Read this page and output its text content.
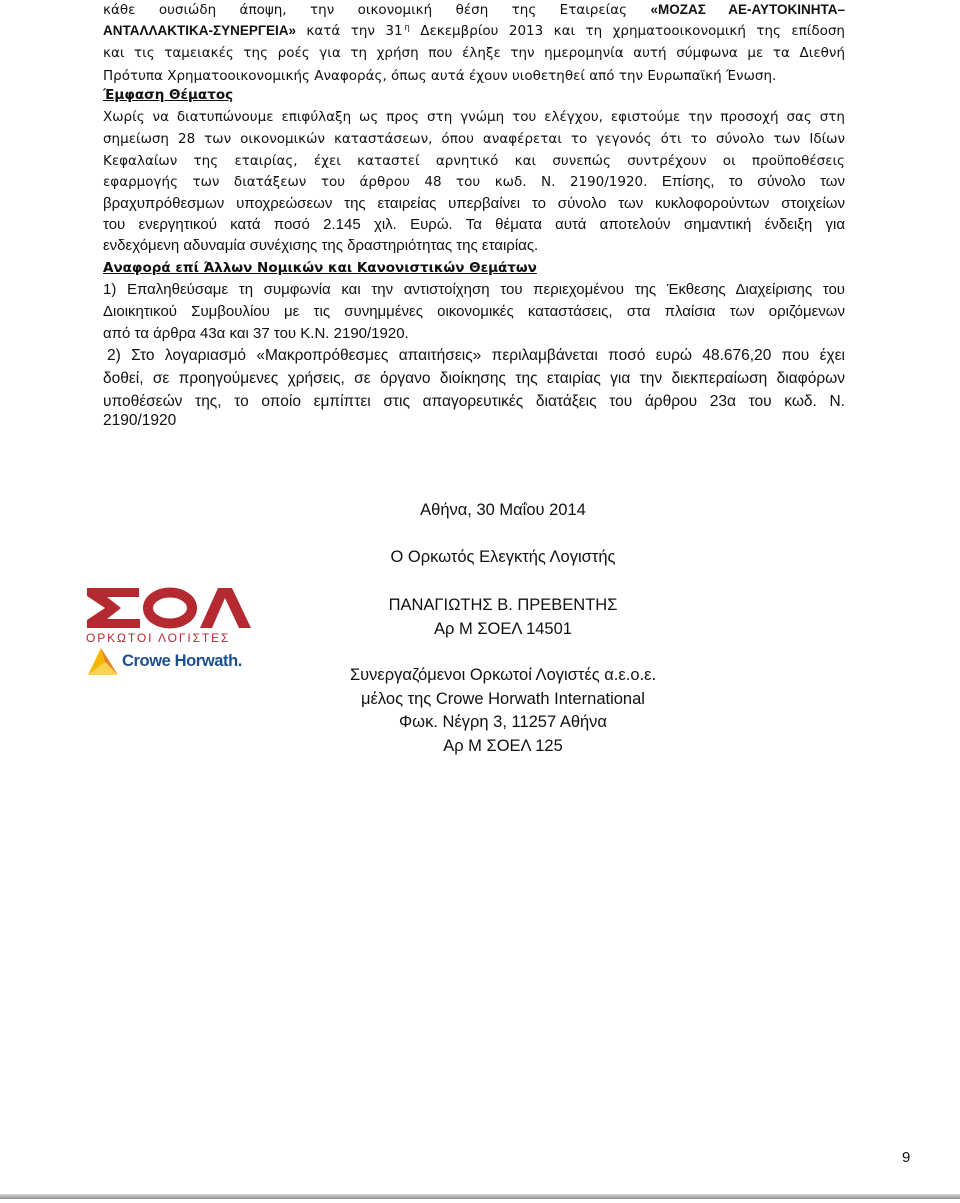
κάθε ουσιώδη άποψη, την οικονομική θέση της Εταιρείας «ΜΟΖΑΣ ΑΕ-ΑΥΤΟΚΙΝΗΤΑ–
ΑΝΤΑΛΛΑΚΤΙΚΑ-ΣΥΝΕΡΓΕΙΑ» κατά την 31 $^\eta$ Δεκεμβρίου 2013 και τη χρηματοοικονομική της επίδοση
και τις ταμειακές της ροές για τη χρήση που έληξε την ημερομηνία αυτή σύμφωνα με τα Διεθνή
Πρότυπα Χρηματοοικονομικής Αναφοράς, όπως αυτά έχουν υιοθετηθεί από την Ευρωπαϊκή Ένωση.
Έμφαση Θέματος
Χωρίς να διατυπώνουμε επιφύλαξη ως προς στη γνώμη του ελέγχου, εφιστούμε την προσοχή σας στη
σημείωση 28 των οικονομικών καταστάσεων, όπου αναφέρεται το γεγονός ότι το σύνολο των Ιδίων
Κεφαλαίων της εταιρίας, έχει καταστεί αρνητικό και συνεπώς συντρέχουν οι προϋποθέσεις
εφαρμογής των διατάξεων του άρθρου 48 του κωδ. Ν. 2190/1920. Επίσης, το σύνολο των
βραχυπρόθεσμων υποχρεώσεων της εταιρείας υπερβαίνει το σύνολο των κυκλοφορούντων στοιχείων
του ενεργητικού κατά ποσό 2.145 χιλ. Ευρώ. Τα θέματα αυτά αποτελούν σημαντική ένδειξη για
ενδεχόμενη αδυναμία συνέχισης της δραστηριότητας της εταιρίας.
Αναφορά επί Άλλων Νομικών και Κανονιστικών Θεμάτων
1) Επαληθεύσαμε τη συμφωνία και την αντιστοίχηση του περιεχομένου της Έκθεσης Διαχείρισης του
Διοικητικού Συμβουλίου με τις συνημμένες οικονομικές καταστάσεις, στα πλαίσια των οριζόμενων
από τα άρθρα 43α και 37 του Κ.Ν. 2190/1920.
2) Στο λογαριασμό «Μακροπρόθεσμες απαιτήσεις» περιλαμβάνεται ποσό ευρώ 48.676,20 που έχει
δοθεί, σε προηγούμενες χρήσεις, σε όργανο διοίκησης της εταιρίας για την διεκπεραίωση διαφόρων
υποθέσεών της, το οποίο εμπίπτει στις απαγορευτικές διατάξεις του άρθρου 23α του κωδ. Ν.
2190/1920
ΟΡΚΩΤΟΙ ΛΟΓΙΣΤΕΣ
Crowe Horwath.
Αθήνα, 30 Μαΐου 2014
Ο Ορκωτός Ελεγκτής Λογιστής
ΠΑΝΑΓΙΩΤΗΣ Β. ΠΡΕΒΕΝΤΗΣ
Αρ Μ ΣΟΕΛ 14501
Συνεργαζόμενοι Ορκωτοί Λογιστές α.ε.ο.ε.
μέλος της Crowe Horwath International
Φωκ. Νέγρη 3, 11257 Αθήνα
Αρ Μ ΣΟΕΛ 125
9
